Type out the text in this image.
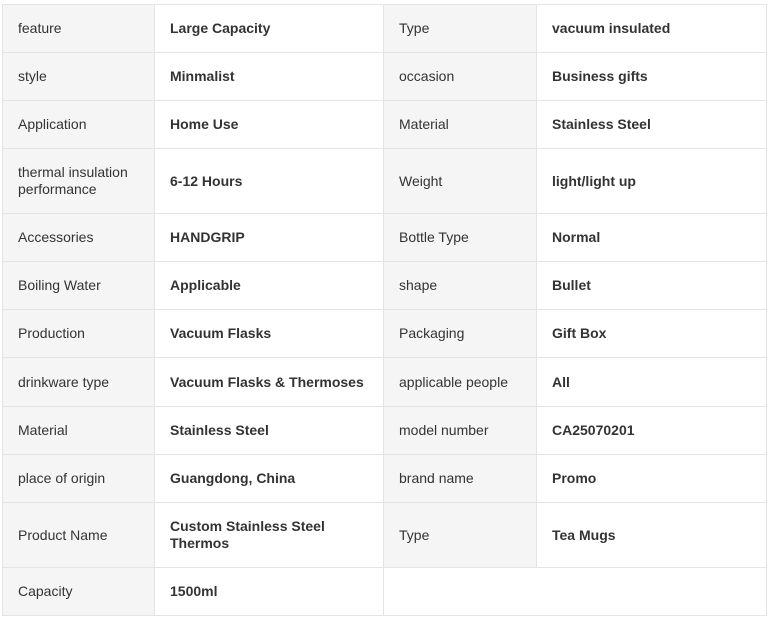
feature	Large Capacity	Type	vacuum insulated
style	Minmalist	occasion	Business gifts
Application	Home Use	Material	Stainless Steel
thermal insulation performance	6-12 Hours	Weight	light/light up
Accessories	HANDGRIP	Bottle Type	Normal
Boiling Water	Applicable	shape	Bullet
Production	Vacuum Flasks	Packaging	Gift Box
drinkware type	Vacuum Flasks & Thermoses	applicable people	All
Material	Stainless Steel	model number	CA25070201
place of origin	Guangdong, China	brand name	Promo
Product Name	Custom Stainless Steel Thermos	Type	Tea Mugs
Capacity	1500ml		
